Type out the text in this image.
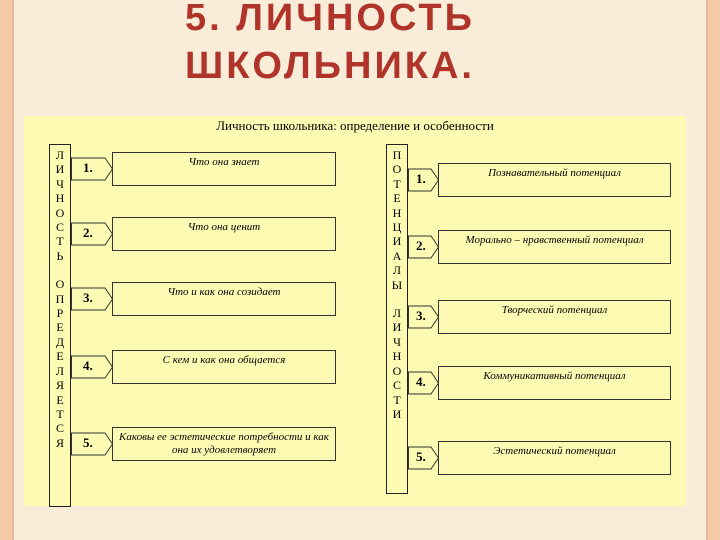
5. ЛИЧНОСТЬ
ШКОЛЬНИКА.
Личность школьника: определение и особенности
Л
И
Ч
Н
О
С
Т
Ь
О
П
Р
Е
Д
Е
Л
Я
Е
Т
С
Я
П
О
Т
Е
Н
Ц
И
А
Л
Ы
Л
И
Ч
Н
О
С
Т
И
1.	Что она знает
2.	Что она ценит
3.	Что и как она созидает
4.	С кем и как она общается
5.	Каковы ее эстетические потребности и как она их удовлетворяет
1.	Познавательный потенциал
2.	Морально – нравственный потенциал
3.	Творческий потенциал
4.	Коммуникативный потенциал
5.	Эстетический потенциал
